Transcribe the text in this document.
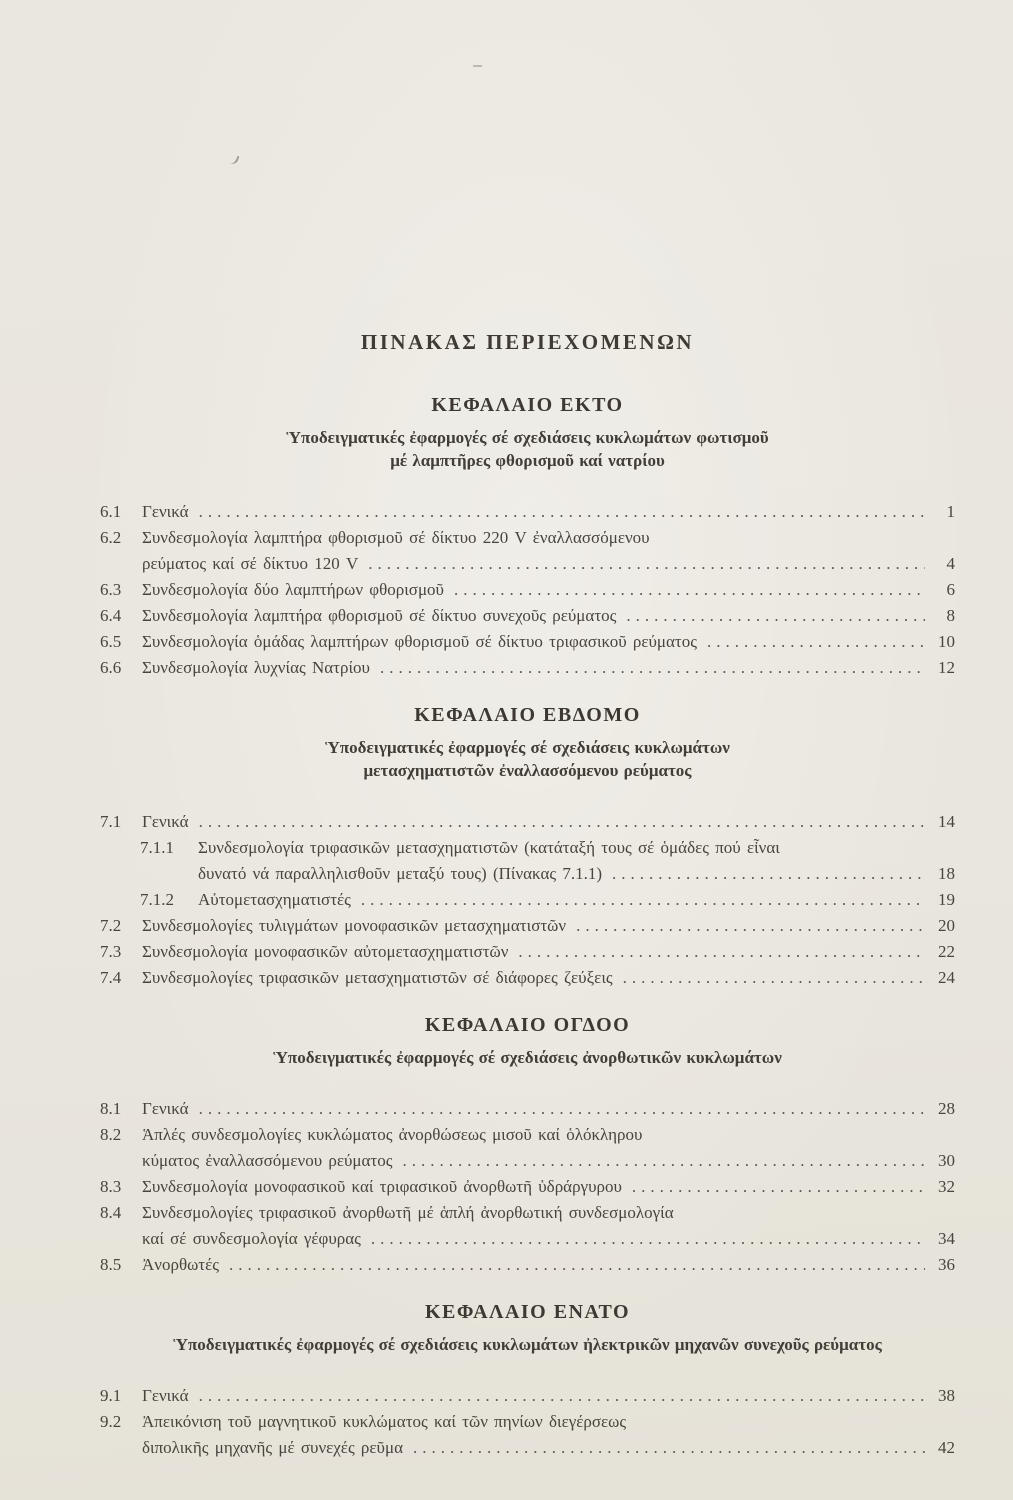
ΠΙΝΑΚΑΣ ΠΕΡΙΕΧΟΜΕΝΩΝ
ΚΕΦΑΛΑΙΟ ΕΚΤΟ
Ὑποδειγματικές ἐφαρμογές σέ σχεδιάσεις κυκλωμάτων φωτισμοῦ
μέ λαμπτῆρες φθορισμοῦ καί νατρίου
6.1	Γενικά .....	1
6.2	Συνδεσμολογία λαμπτήρα φθορισμοῦ σέ δίκτυο 220 V ἐναλλασσόμενου
ρεύματος καί σέ δίκτυο 120 V .....	4
6.3	Συνδεσμολογία δύο λαμπτήρων φθορισμοῦ .....	6
6.4	Συνδεσμολογία λαμπτήρα φθορισμοῦ σέ δίκτυο συνεχοῦς ρεύματος .....	8
6.5	Συνδεσμολογία ὁμάδας λαμπτήρων φθορισμοῦ σέ δίκτυο τριφασικοῦ ρεύματος .....	10
6.6	Συνδεσμολογία λυχνίας Νατρίου .....	12
ΚΕΦΑΛΑΙΟ ΕΒΔΟΜΟ
Ὑποδειγματικές ἐφαρμογές σέ σχεδιάσεις κυκλωμάτων
μετασχηματιστῶν ἐναλλασσόμενου ρεύματος
7.1	Γενικά .....	14
7.1.1	Συνδεσμολογία τριφασικῶν μετασχηματιστῶν (κατάταξή τους σέ ὁμάδες πού εἶναι
δυνατό νά παραλληλισθοῦν μεταξύ τους) (Πίνακας 7.1.1) .....	18
7.1.2	Αὐτομετασχηματιστές .....	19
7.2	Συνδεσμολογίες τυλιγμάτων μονοφασικῶν μετασχηματιστῶν .....	20
7.3	Συνδεσμολογία μονοφασικῶν αὐτομετασχηματιστῶν .....	22
7.4	Συνδεσμολογίες τριφασικῶν μετασχηματιστῶν σέ διάφορες ζεύξεις .....	24
ΚΕΦΑΛΑΙΟ ΟΓΔΟΟ
Ὑποδειγματικές ἐφαρμογές σέ σχεδιάσεις ἀνορθωτικῶν κυκλωμάτων
8.1	Γενικά .....	28
8.2	Ἁπλές συνδεσμολογίες κυκλώματος ἀνορθώσεως μισοῦ καί ὁλόκληρου
κύματος ἐναλλασσόμενου ρεύματος .....	30
8.3	Συνδεσμολογία μονοφασικοῦ καί τριφασικοῦ ἀνορθωτῆ ὑδράργυρου .....	32
8.4	Συνδεσμολογίες τριφασικοῦ ἀνορθωτῆ μέ ἁπλή ἀνορθωτική συνδεσμολογία
καί σέ συνδεσμολογία γέφυρας .....	34
8.5	Ἀνορθωτές .....	36
ΚΕΦΑΛΑΙΟ ΕΝΑΤΟ
Ὑποδειγματικές ἐφαρμογές σέ σχεδιάσεις κυκλωμάτων ἠλεκτρικῶν μηχανῶν συνεχοῦς ρεύματος
9.1	Γενικά .....	38
9.2	Ἀπεικόνιση τοῦ μαγνητικοῦ κυκλώματος καί τῶν πηνίων διεγέρσεως
διπολικῆς μηχανῆς μέ συνεχές ρεῦμα .....	42
